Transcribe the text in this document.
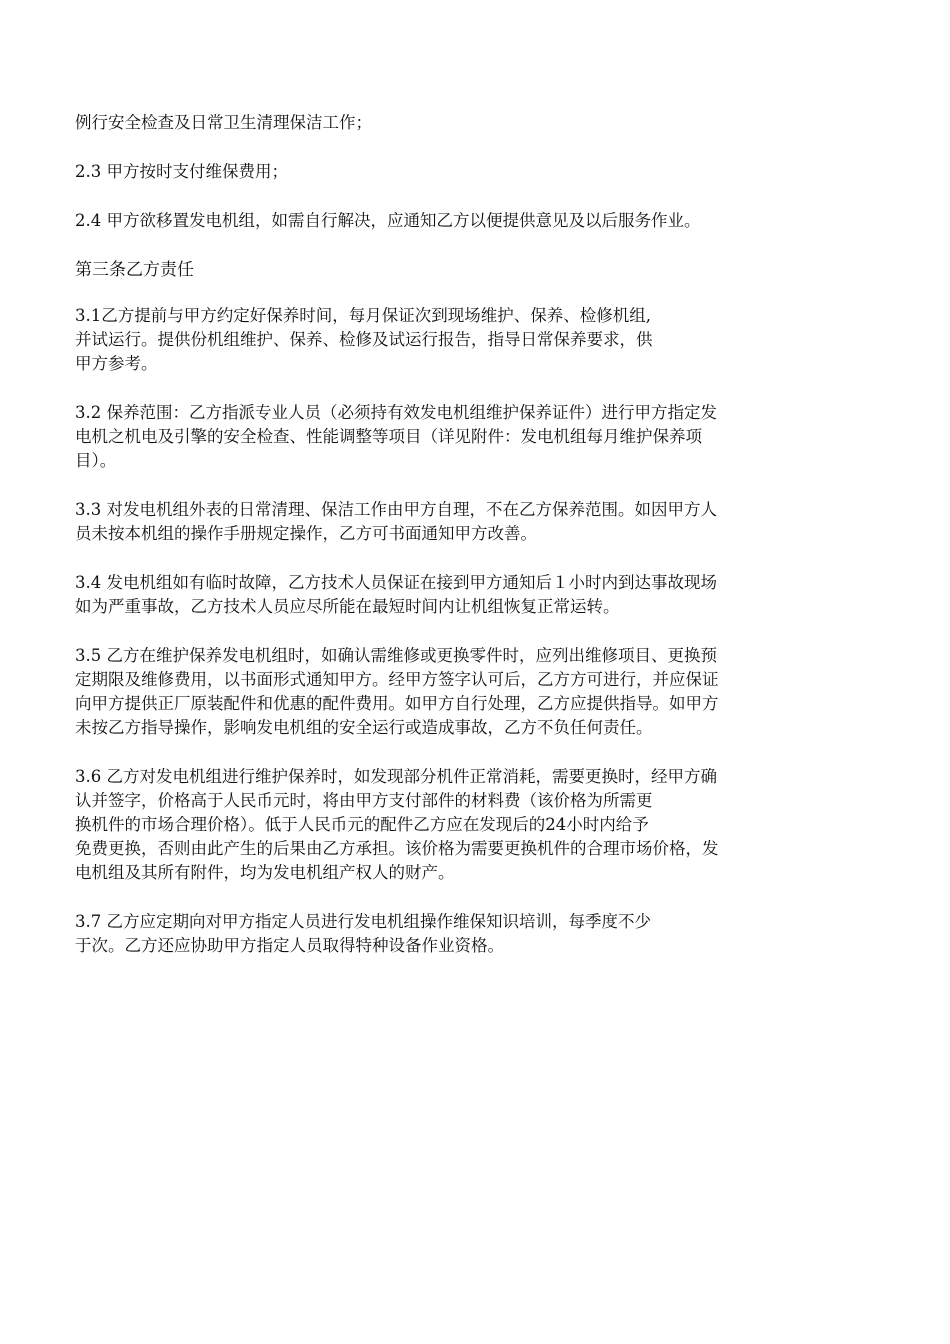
例行安全检查及日常卫生清理保洁工作；

2.3 甲方按时支付维保费用；

2.4 甲方欲移置发电机组，如需自行解决，应通知乙方以便提供意见及以后服务作业。

第三条乙方责任

3.1乙方提前与甲方约定好保养时间，每月保证次到现场维护、保养、检修机组,
并试运行。提供份机组维护、保养、检修及试运行报告，指导日常保养要求，供
甲方参考。

3.2 保养范围：乙方指派专业人员（必须持有效发电机组维护保养证件）进行甲方指定发
电机之机电及引擎的安全检查、性能调整等项目（详见附件：发电机组每月维护保养项
目）。

3.3 对发电机组外表的日常清理、保洁工作由甲方自理，不在乙方保养范围。如因甲方人
员未按本机组的操作手册规定操作，乙方可书面通知甲方改善。

3.4 发电机组如有临时故障，乙方技术人员保证在接到甲方通知后１小时内到达事故现场
如为严重事故，乙方技术人员应尽所能在最短时间内让机组恢复正常运转。

3.5 乙方在维护保养发电机组时，如确认需维修或更换零件时，应列出维修项目、更换预
定期限及维修费用，以书面形式通知甲方。经甲方签字认可后，乙方方可进行，并应保证
向甲方提供正厂原装配件和优惠的配件费用。如甲方自行处理，乙方应提供指导。如甲方
未按乙方指导操作，影响发电机组的安全运行或造成事故，乙方不负任何责任。

3.6 乙方对发电机组进行维护保养时，如发现部分机件正常消耗，需要更换时，经甲方确
认并签字，价格高于人民币元时，将由甲方支付部件的材料费（该价格为所需更
换机件的市场合理价格）。低于人民币元的配件乙方应在发现后的24小时内给予
免费更换，否则由此产生的后果由乙方承担。该价格为需要更换机件的合理市场价格，发
电机组及其所有附件，均为发电机组产权人的财产。

3.7 乙方应定期向对甲方指定人员进行发电机组操作维保知识培训，每季度不少
于次。乙方还应协助甲方指定人员取得特种设备作业资格。
